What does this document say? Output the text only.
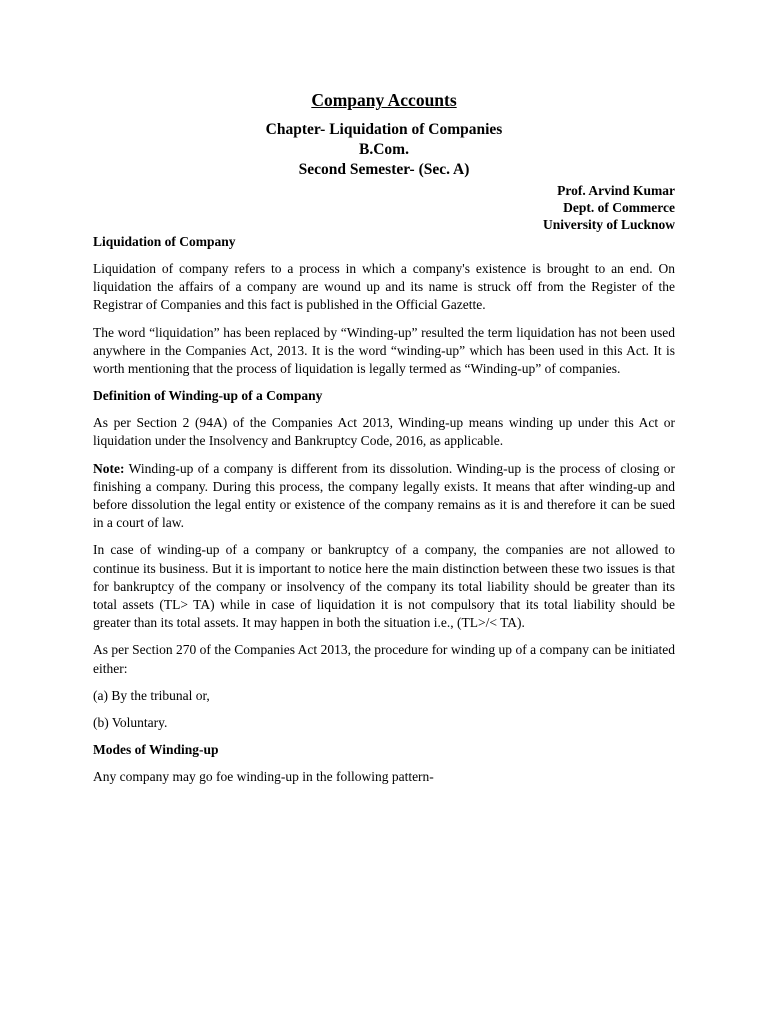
Company Accounts
Chapter- Liquidation of Companies
B.Com.
Second Semester- (Sec. A)
Prof. Arvind Kumar
Dept. of Commerce
University of Lucknow
Liquidation of Company

Liquidation of company refers to a process in which a company's existence is brought to an end. On liquidation the affairs of a company are wound up and its name is struck off from the Register of the Registrar of Companies and this fact is published in the Official Gazette.

The word “liquidation” has been replaced by “Winding-up” resulted the term liquidation has not been used anywhere in the Companies Act, 2013. It is the word “winding-up” which has been used in this Act. It is worth mentioning that the process of liquidation is legally termed as “Winding-up” of companies.

Definition of Winding-up of a Company

As per Section 2 (94A) of the Companies Act 2013, Winding-up means winding up under this Act or liquidation under the Insolvency and Bankruptcy Code, 2016, as applicable.

Note: Winding-up of a company is different from its dissolution. Winding-up is the process of closing or finishing a company. During this process, the company legally exists. It means that after winding-up and before dissolution the legal entity or existence of the company remains as it is and therefore it can be sued in a court of law.

In case of winding-up of a company or bankruptcy of a company, the companies are not allowed to continue its business. But it is important to notice here the main distinction between these two issues is that for bankruptcy of the company or insolvency of the company its total liability should be greater than its total assets (TL> TA) while in case of liquidation it is not compulsory that its total liability should be greater than its total assets. It may happen in both the situation i.e., (TL>/< TA).

As per Section 270 of the Companies Act 2013, the procedure for winding up of a company can be initiated either:

(a) By the tribunal or,

(b) Voluntary.

Modes of Winding-up

Any company may go foe winding-up in the following pattern-
